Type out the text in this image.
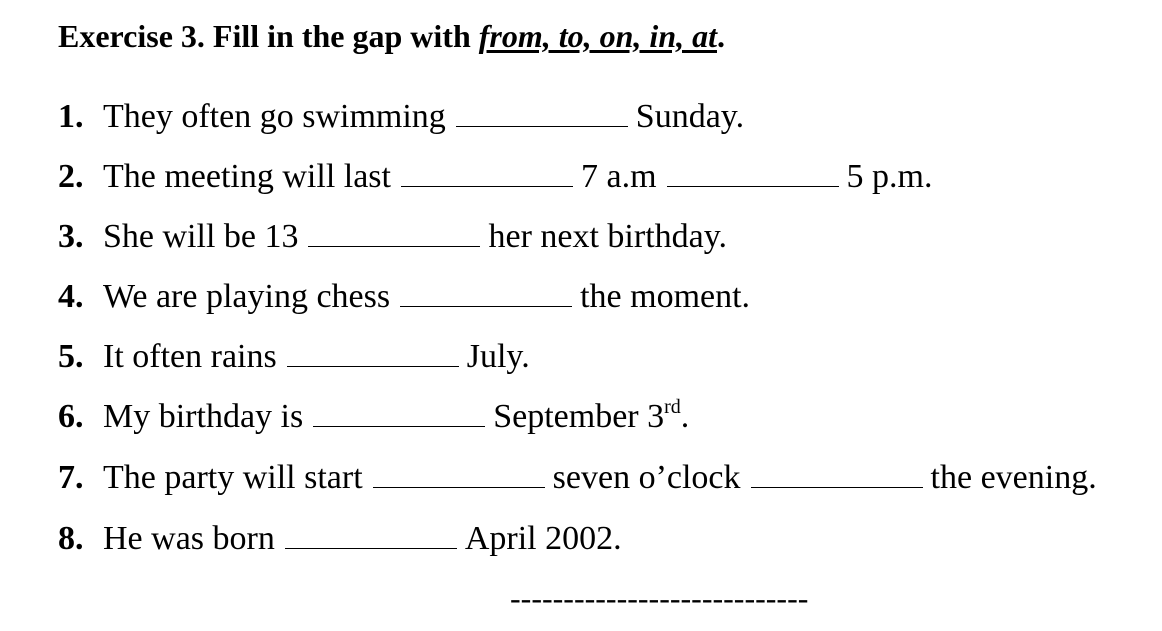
Exercise 3. Fill in the gap with from, to, on, in, at.
1. They often go swimming	Sunday.
2. The meeting will last	7 a.m	5 p.m.
3. She will be 13	her next birthday.
4. We are playing chess	the moment.
5. It often rains	July.
6. My birthday is	September 3rd.
7. The party will start	seven o’clock	the evening.
8. He was born	April 2002.
----------------------------
